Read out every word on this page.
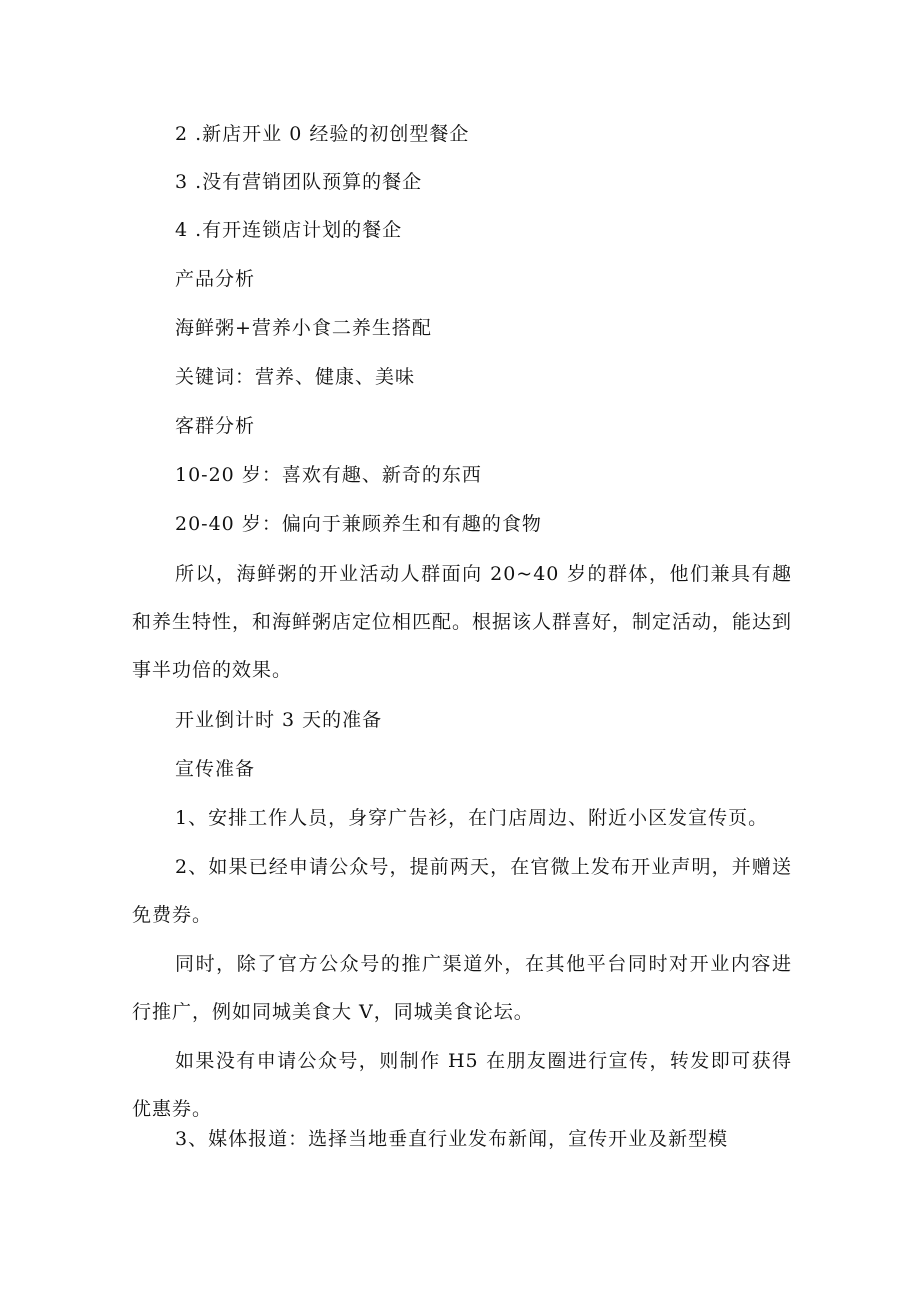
2 .新店开业 0 经验的初创型餐企
3 .没有营销团队预算的餐企
4 .有开连锁店计划的餐企
产品分析
海鲜粥+营养小食二养生搭配
关键词：营养、健康、美味
客群分析
10-20 岁：喜欢有趣、新奇的东西
20-40 岁：偏向于兼顾养生和有趣的食物
所以，海鲜粥的开业活动人群面向 20~40 岁的群体，他们兼具有趣和养生特性，和海鲜粥店定位相匹配。根据该人群喜好，制定活动，能达到事半功倍的效果。
开业倒计时 3 天的准备
宣传准备
1、安排工作人员，身穿广告衫，在门店周边、附近小区发宣传页。
2、如果已经申请公众号，提前两天，在官微上发布开业声明，并赠送免费券。
同时，除了官方公众号的推广渠道外，在其他平台同时对开业内容进行推广，例如同城美食大 V，同城美食论坛。
如果没有申请公众号，则制作 H5 在朋友圈进行宣传，转发即可获得优惠券。
3、媒体报道：选择当地垂直行业发布新闻，宣传开业及新型模
